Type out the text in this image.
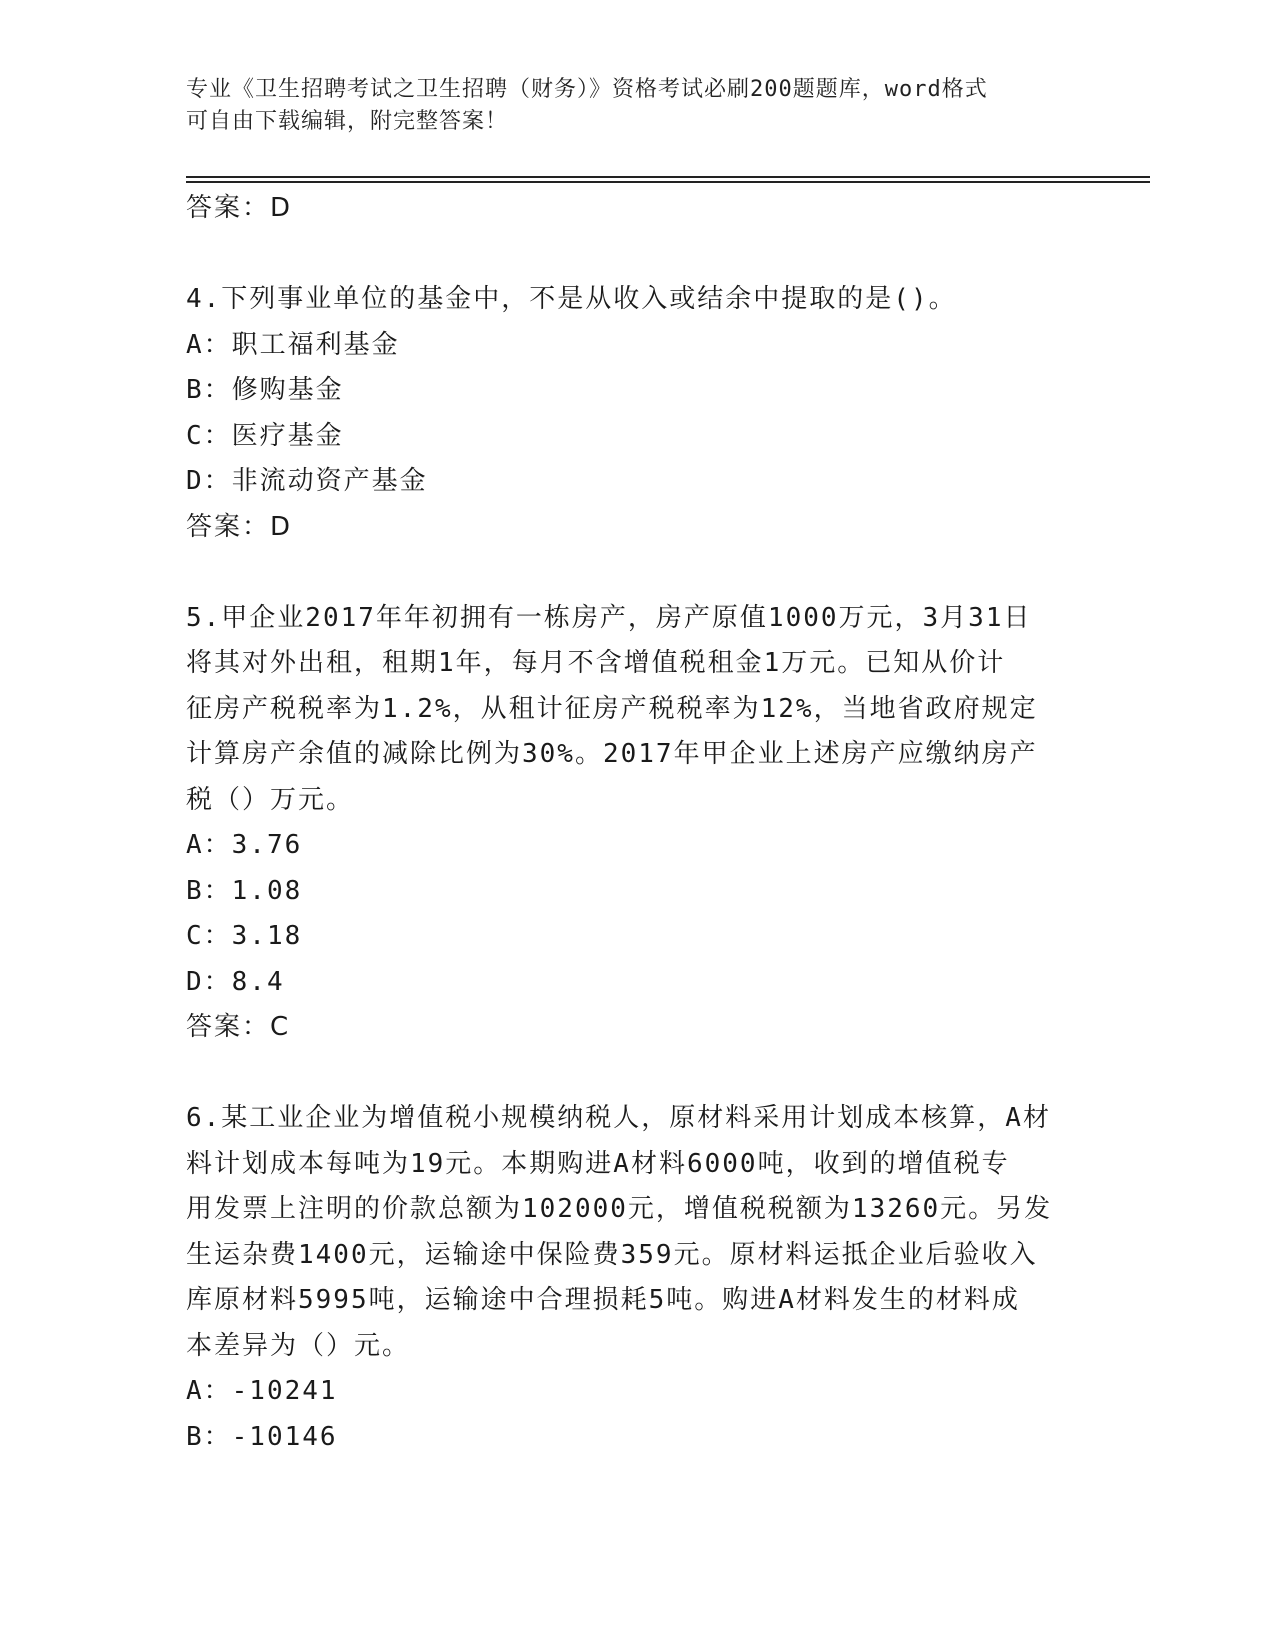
专业《卫生招聘考试之卫生招聘（财务）》资格考试必刷200题题库，word格式
可自由下载编辑，附完整答案！
答案：D
4.下列事业单位的基金中，不是从收入或结余中提取的是()。
A：职工福利基金
B：修购基金
C：医疗基金
D：非流动资产基金
答案：D
5.甲企业2017年年初拥有一栋房产，房产原值1000万元，3月31日
将其对外出租，租期1年，每月不含增值税租金1万元。已知从价计
征房产税税率为1.2%，从租计征房产税税率为12%，当地省政府规定
计算房产余值的减除比例为30%。2017年甲企业上述房产应缴纳房产
税（）万元。
A：3.76
B：1.08
C：3.18
D：8.4
答案：C
6.某工业企业为增值税小规模纳税人，原材料采用计划成本核算，A材
料计划成本每吨为19元。本期购进A材料6000吨，收到的增值税专
用发票上注明的价款总额为102000元，增值税税额为13260元。另发
生运杂费1400元，运输途中保险费359元。原材料运抵企业后验收入
库原材料5995吨，运输途中合理损耗5吨。购进A材料发生的材料成
本差异为（）元。
A：-10241
B：-10146
